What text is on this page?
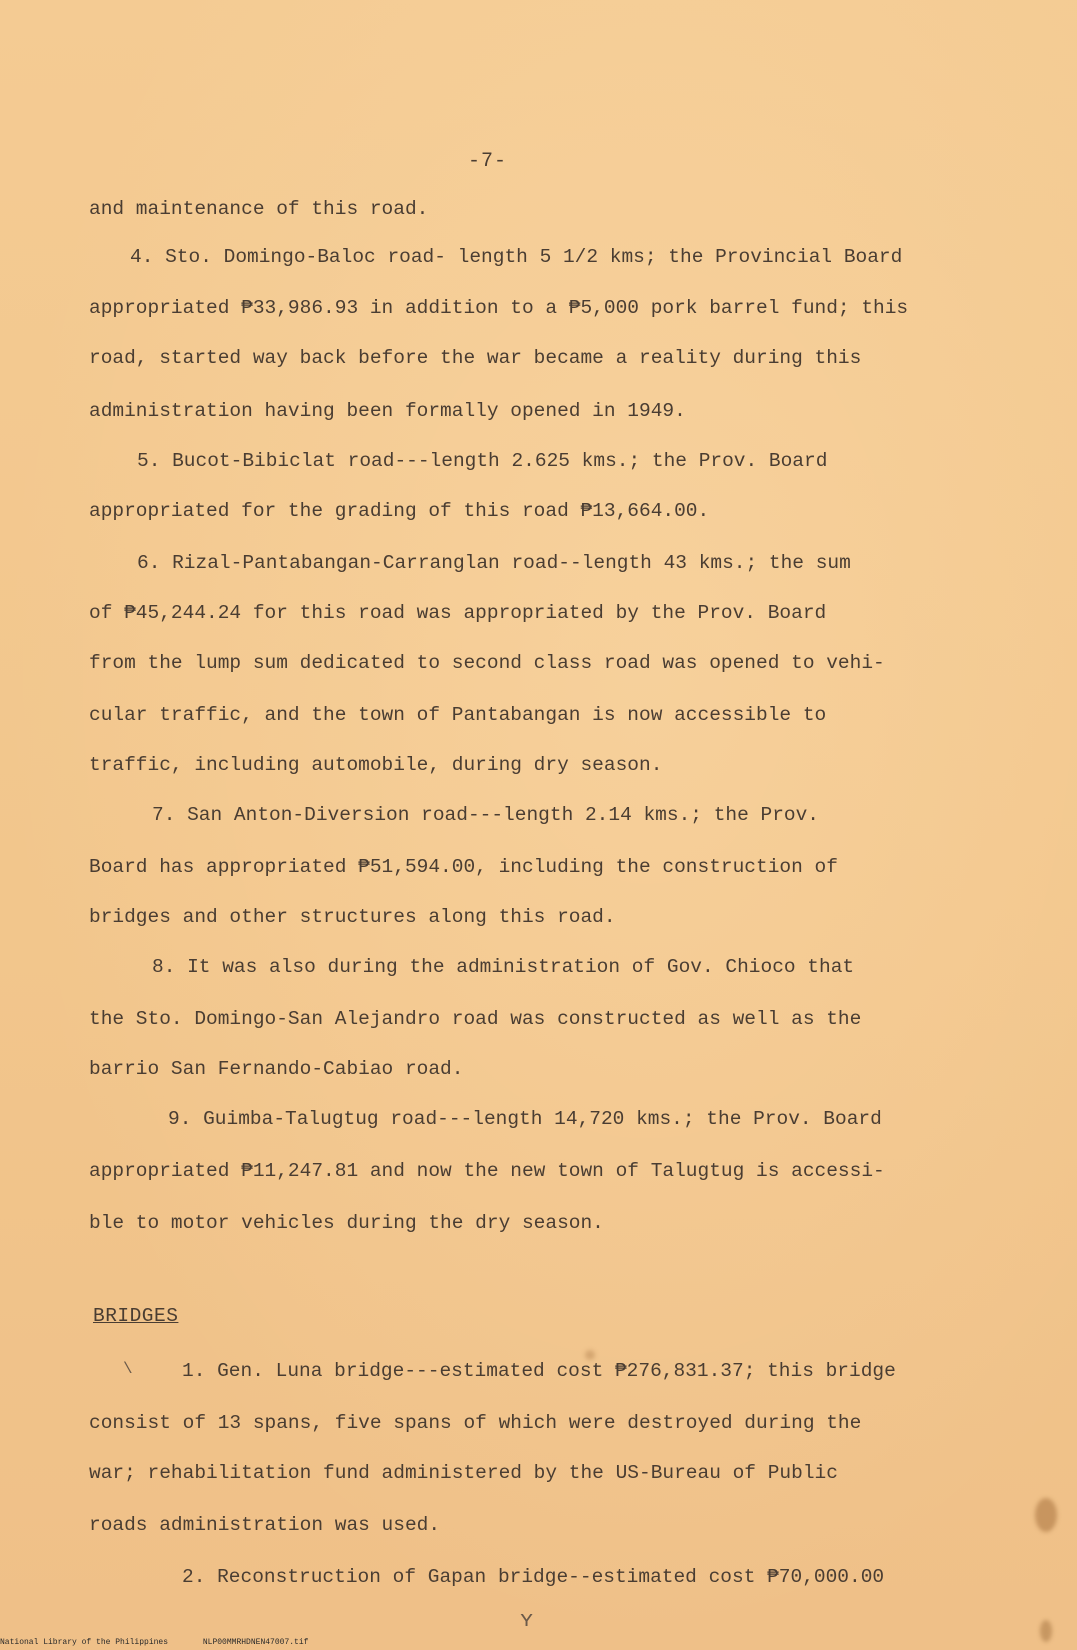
-7-
and maintenance of this road.
4. Sto. Domingo-Baloc road- length 5 1/2 kms; the Provincial Board
appropriated ₱33,986.93 in addition to a ₱5,000 pork barrel fund; this
road, started way back before the war became a reality during this
administration having been formally opened in 1949.
5. Bucot-Bibiclat road---length 2.625 kms.; the Prov. Board
appropriated for the grading of this road ₱13,664.00.
6. Rizal-Pantabangan-Carranglan road--length 43 kms.; the sum
of ₱45,244.24 for this road was appropriated by the Prov. Board
from the lump sum dedicated to second class road was opened to vehi-
cular traffic, and the town of Pantabangan is now accessible to
traffic, including automobile, during dry season.
7. San Anton-Diversion road---length 2.14 kms.; the Prov.
Board has appropriated ₱51,594.00, including the construction of
bridges and other structures along this road.
8. It was also during the administration of Gov. Chioco that
the Sto. Domingo-San Alejandro road was constructed as well as the
barrio San Fernando-Cabiao road.
9. Guimba-Talugtug road---length 14,720 kms.; the Prov. Board
appropriated ₱11,247.81 and now the new town of Talugtug is accessi-
ble to motor vehicles during the dry season.
BRIDGES
1. Gen. Luna bridge---estimated cost ₱276,831.37; this bridge
consist of 13 spans, five spans of which were destroyed during the
war; rehabilitation fund administered by the US-Bureau of Public
roads administration was used.
2. Reconstruction of Gapan bridge--estimated cost ₱70,000.00
ʏ
\
National Library of the Philippines	NLP00MMRHDNEN47007.tif
